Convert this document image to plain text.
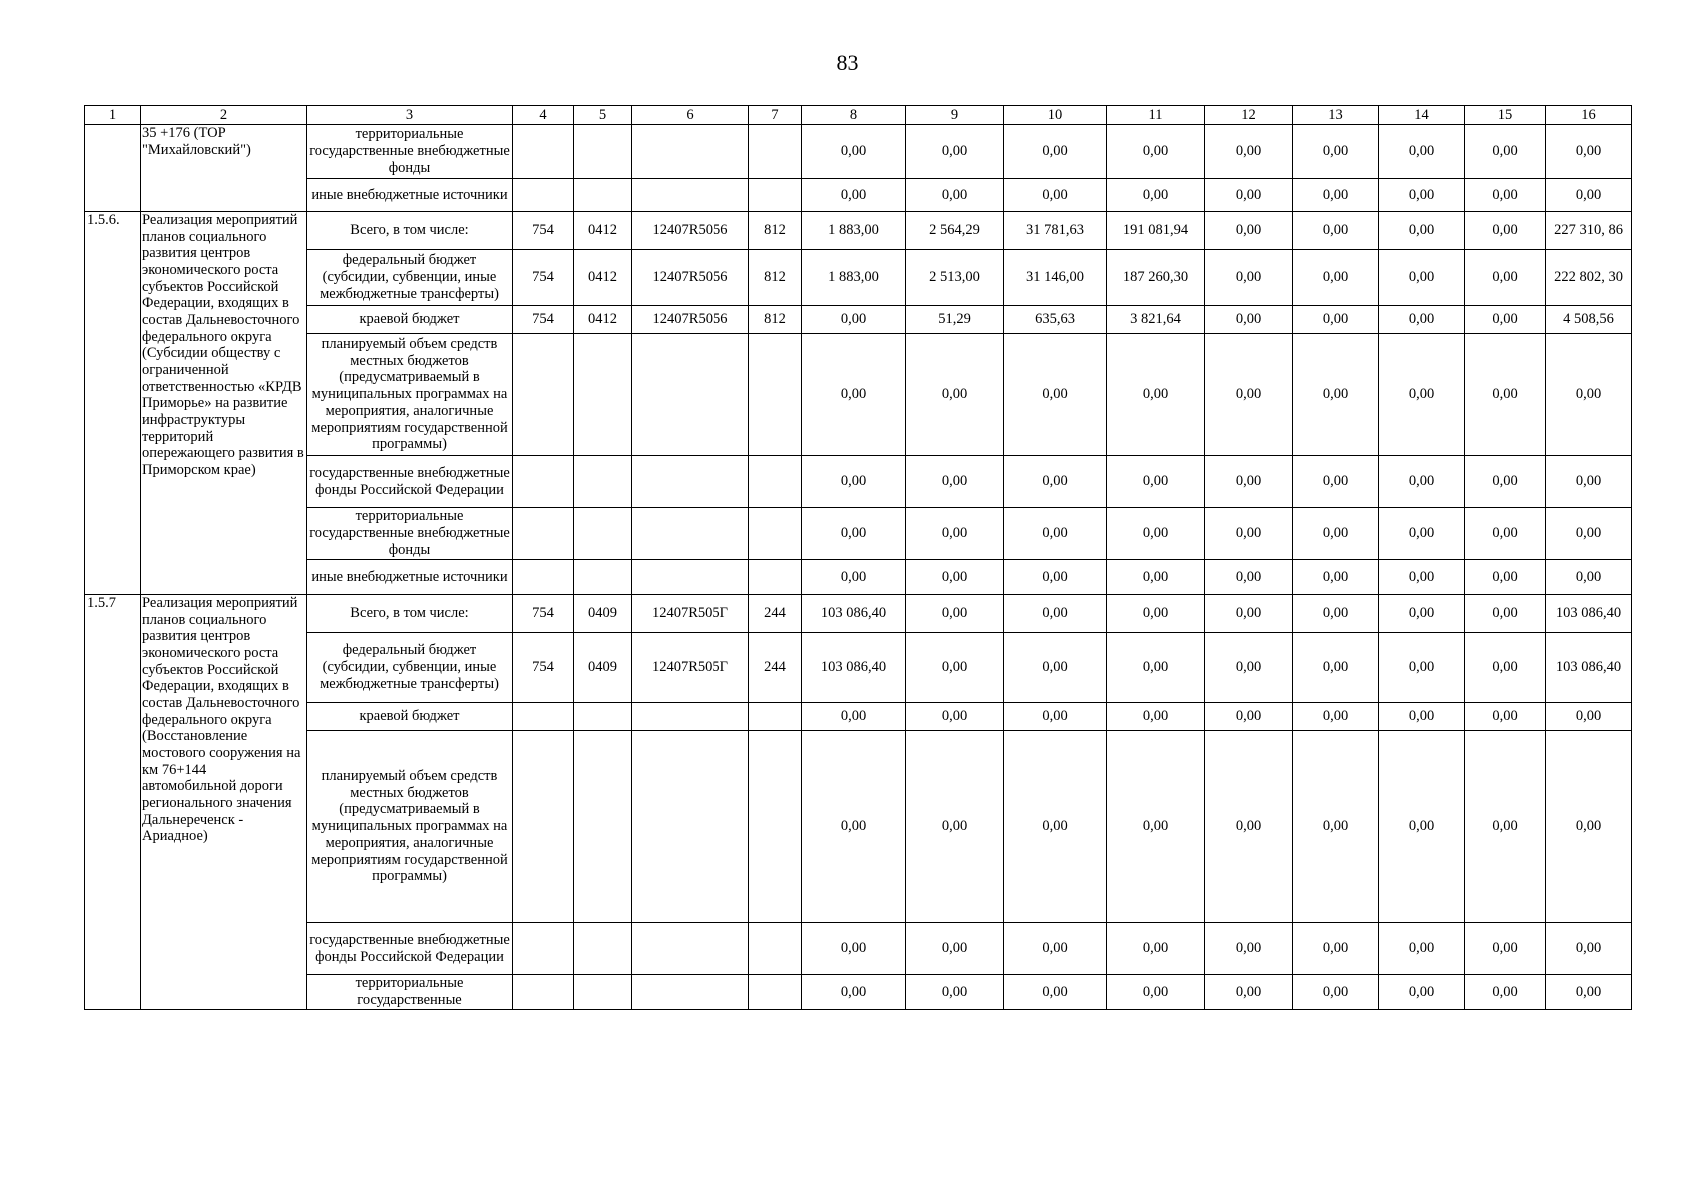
83
1	2	3	4	5	6	7	8	9	10	11	12	13	14	15	16
	35 +176 (ТОР "Михайловский")	территориальные государственные внебюджетные фонды					0,00	0,00	0,00	0,00	0,00	0,00	0,00	0,00	0,00
		иные внебюджетные источники					0,00	0,00	0,00	0,00	0,00	0,00	0,00	0,00	0,00
1.5.6.	Реализация мероприятий планов социального развития центров экономического роста субъектов Российской Федерации, входящих в состав Дальневосточного федерального округа (Субсидии обществу с ограниченной ответственностью «КРДВ Приморье» на развитие инфраструктуры территорий опережающего развития в Приморском крае)	Всего, в том числе:	754	0412	12407R5056	812	1 883,00	2 564,29	31 781,63	191 081,94	0,00	0,00	0,00	0,00	227 310, 86
		федеральный бюджет (субсидии, субвенции, иные межбюджетные трансферты)	754	0412	12407R5056	812	1 883,00	2 513,00	31 146,00	187 260,30	0,00	0,00	0,00	0,00	222 802, 30
		краевой бюджет	754	0412	12407R5056	812	0,00	51,29	635,63	3 821,64	0,00	0,00	0,00	0,00	4 508,56
		планируемый объем средств местных бюджетов (предусматриваемый в муниципальных программах на мероприятия, аналогичные мероприятиям государственной программы)					0,00	0,00	0,00	0,00	0,00	0,00	0,00	0,00	0,00
		государственные внебюджетные фонды Российской Федерации					0,00	0,00	0,00	0,00	0,00	0,00	0,00	0,00	0,00
		территориальные государственные внебюджетные фонды					0,00	0,00	0,00	0,00	0,00	0,00	0,00	0,00	0,00
		иные внебюджетные источники					0,00	0,00	0,00	0,00	0,00	0,00	0,00	0,00	0,00
1.5.7	Реализация мероприятий планов социального развития центров экономического роста субъектов Российской Федерации, входящих в состав Дальневосточного федерального округа (Восстановление мостового сооружения на км 76+144 автомобильной дороги регионального значения Дальнереченск - Ариадное)	Всего, в том числе:	754	0409	12407R505Г	244	103 086,40	0,00	0,00	0,00	0,00	0,00	0,00	0,00	103 086,40
		федеральный бюджет (субсидии, субвенции, иные межбюджетные трансферты)	754	0409	12407R505Г	244	103 086,40	0,00	0,00	0,00	0,00	0,00	0,00	0,00	103 086,40
		краевой бюджет					0,00	0,00	0,00	0,00	0,00	0,00	0,00	0,00	0,00
		планируемый объем средств местных бюджетов (предусматриваемый в муниципальных программах на мероприятия, аналогичные мероприятиям государственной программы)					0,00	0,00	0,00	0,00	0,00	0,00	0,00	0,00	0,00
		государственные внебюджетные фонды Российской Федерации					0,00	0,00	0,00	0,00	0,00	0,00	0,00	0,00	0,00
		территориальные государственные					0,00	0,00	0,00	0,00	0,00	0,00	0,00	0,00	0,00
